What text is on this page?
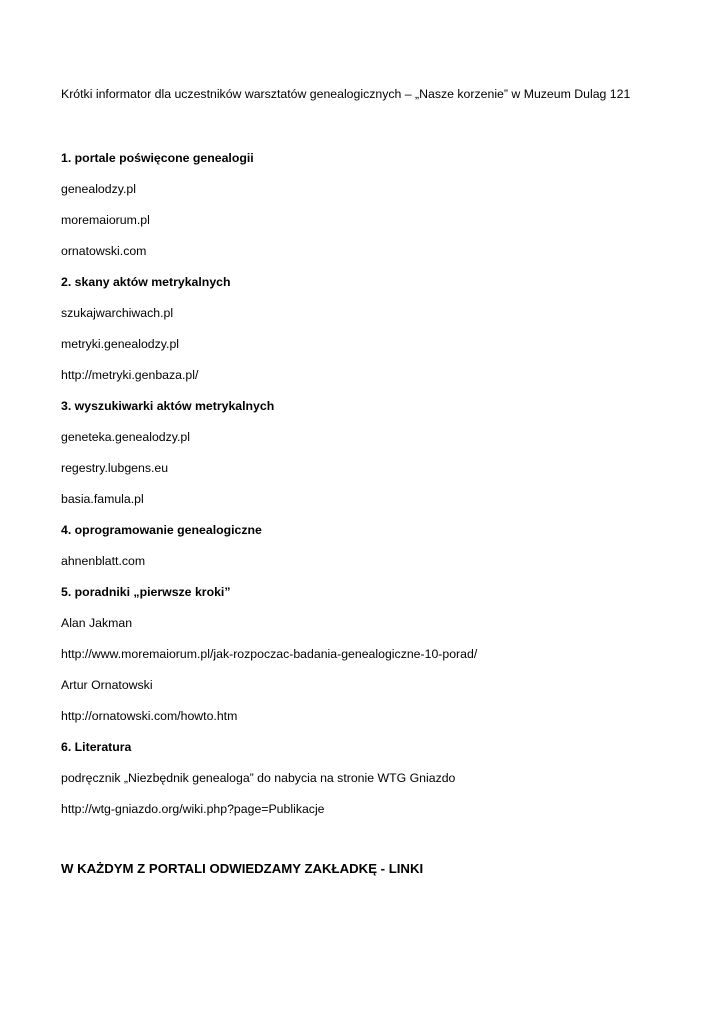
Krótki informator dla uczestników warsztatów genealogicznych – „Nasze korzenie” w Muzeum Dulag 121
1. portale poświęcone genealogii
genealodzy.pl
moremaiorum.pl
ornatowski.com
2. skany aktów metrykalnych
szukajwarchiwach.pl
metryki.genealodzy.pl
http://metryki.genbaza.pl/
3. wyszukiwarki aktów metrykalnych
geneteka.genealodzy.pl
regestry.lubgens.eu
basia.famula.pl
4. oprogramowanie genealogiczne
ahnenblatt.com
5. poradniki „pierwsze kroki”
Alan Jakman
http://www.moremaiorum.pl/jak-rozpoczac-badania-genealogiczne-10-porad/
Artur Ornatowski
http://ornatowski.com/howto.htm
6. Literatura
podręcznik „Niezbędnik genealoga” do nabycia na stronie WTG Gniazdo
http://wtg-gniazdo.org/wiki.php?page=Publikacje
W KAŻDYM Z PORTALI ODWIEDZAMY ZAKŁADKĘ - LINKI
